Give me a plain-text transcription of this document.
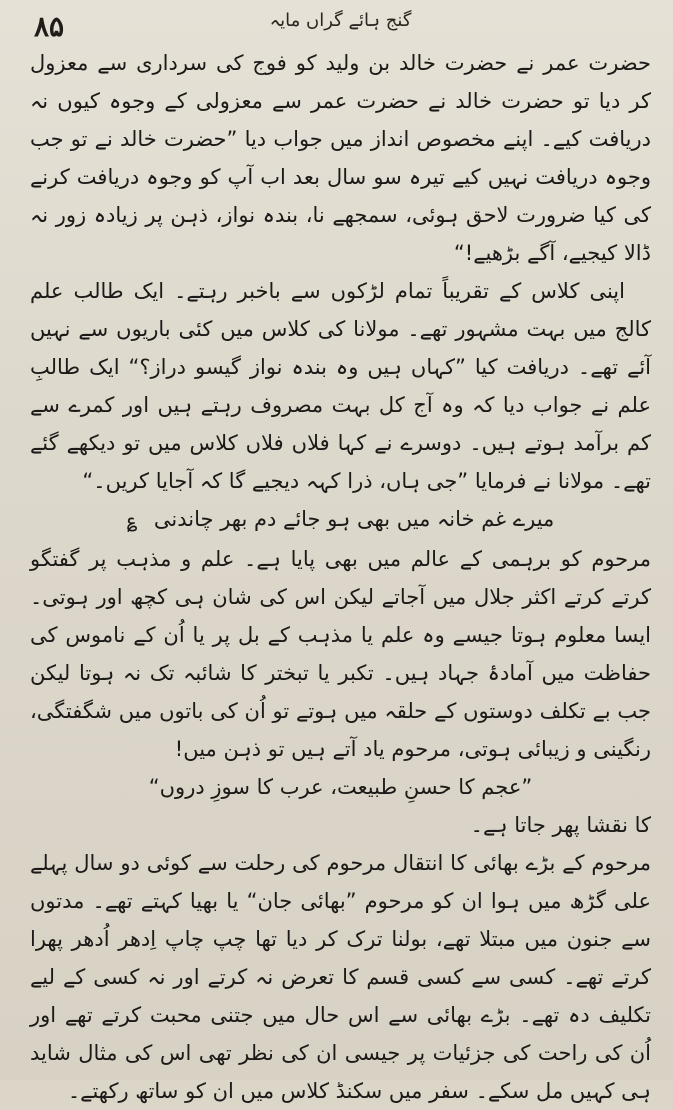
۸۵	گنج ہائے گراں مایہ

حضرت عمر نے حضرت خالد بن ولید کو فوج کی سرداری سے معزول کر دیا تو حضرت خالد نے حضرت عمر سے معزولی کے وجوہ کیوں نہ دریافت کیے۔ اپنے مخصوص انداز میں جواب دیا ”حضرت خالد نے تو جب وجوہ دریافت نہیں کیے تیرہ سو سال بعد اب آپ کو وجوہ دریافت کرنے کی کیا ضرورت لاحق ہوئی، سمجھے نا، بندہ نواز، ذہن پر زیادہ زور نہ ڈالا کیجیے، آگے بڑھیے!“

اپنی کلاس کے تقریباً تمام لڑکوں سے باخبر رہتے۔ ایک طالب علم کالج میں بہت مشہور تھے۔ مولانا کی کلاس میں کئی باریوں سے نہیں آئے تھے۔ دریافت کیا ”کہاں ہیں وہ بندہ نواز گیسو دراز؟“ ایک طالبِ علم نے جواب دیا کہ وہ آج کل بہت مصروف رہتے ہیں اور کمرے سے کم برآمد ہوتے ہیں۔ دوسرے نے کہا فلاں فلاں کلاس میں تو دیکھے گئے تھے۔ مولانا نے فرمایا ”جی ہاں، ذرا کہہ دیجیے گا کہ آجایا کریں۔“

میرے غم خانہ میں بھی ہو جائے دم بھر چاندنی ؏

مرحوم کو برہمی کے عالم میں بھی پایا ہے۔ علم و مذہب پر گفتگو کرتے کرتے اکثر جلال میں آجاتے لیکن اس کی شان ہی کچھ اور ہوتی۔ ایسا معلوم ہوتا جیسے وہ علم یا مذہب کے بل پر یا اُن کے ناموس کی حفاظت میں آمادۂ جہاد ہیں۔ تکبر یا تبختر کا شائبہ تک نہ ہوتا لیکن جب بے تکلف دوستوں کے حلقہ میں ہوتے تو اُن کی باتوں میں شگفتگی، رنگینی و زیبائی ہوتی، مرحوم یاد آتے ہیں تو ذہن میں!

”عجم کا حسنِ طبیعت، عرب کا سوزِ دروں“

کا نقشا پھر جاتا ہے۔

مرحوم کے بڑے بھائی کا انتقال مرحوم کی رحلت سے کوئی دو سال پہلے علی گڑھ میں ہوا ان کو مرحوم ”بھائی جان“ یا بھیا کہتے تھے۔ مدتوں سے جنون میں مبتلا تھے، بولنا ترک کر دیا تھا چپ چاپ اِدھر اُدھر پھرا کرتے تھے۔ کسی سے کسی قسم کا تعرض نہ کرتے اور نہ کسی کے لیے تکلیف دہ تھے۔ بڑے بھائی سے اس حال میں جتنی محبت کرتے تھے اور اُن کی راحت کی جزئیات پر جیسی ان کی نظر تھی اس کی مثال شاید ہی کہیں مل سکے۔ سفر میں سکنڈ کلاس میں ان کو ساتھ رکھتے۔
